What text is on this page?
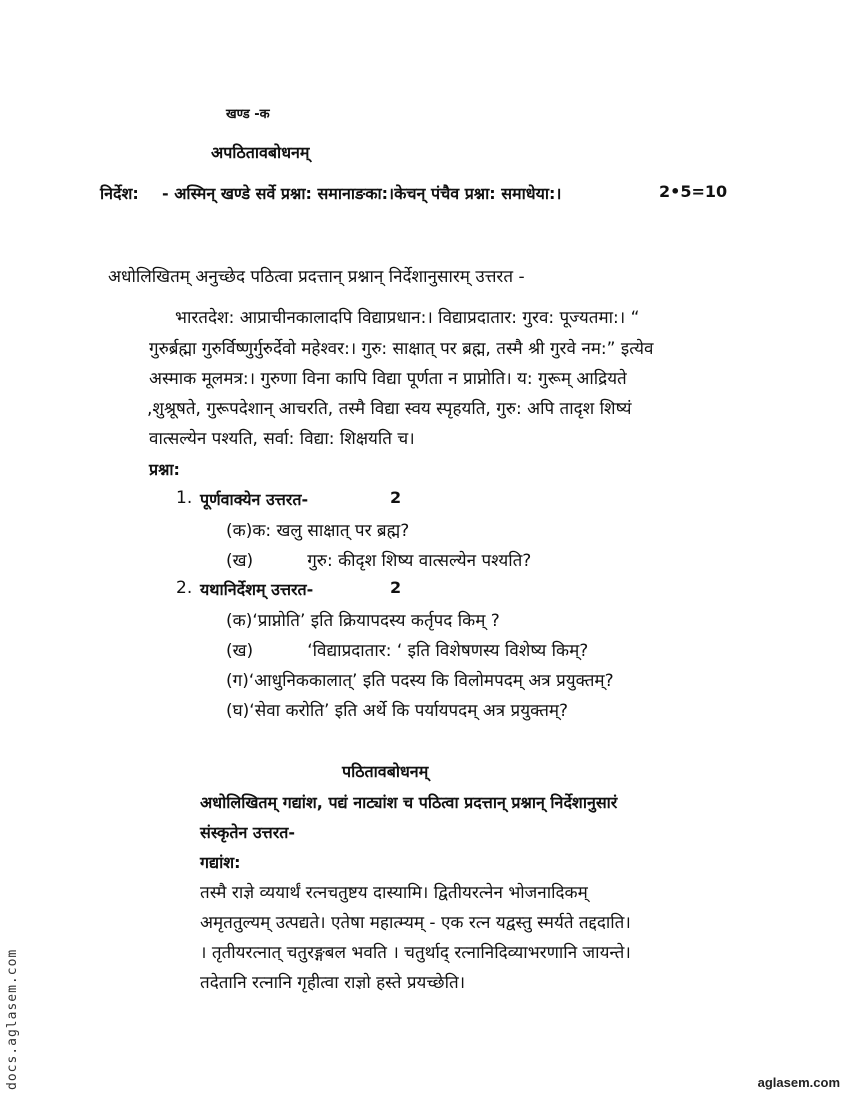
खण्ड -क
अपठितावबोधनम्
निर्देश: - अस्मिन् खण्डे सर्वे प्रश्ना: समानाङका:।केचन् पंचैव प्रश्ना: समाधेया:।	2•5=10
अधोलिखितम् अनुच्छेद पठित्वा प्रदत्तान् प्रश्नान् निर्देशानुसारम् उत्तरत -
भारतदेश: आप्राचीनकालादपि विद्याप्रधान:। विद्याप्रदातार: गुरव: पूज्यतमा:। “
गुरुर्ब्रह्मा गुरुर्विष्णुर्गुरुर्देवो महेश्वर:। गुरु: साक्षात् पर ब्रह्म, तस्मै श्री गुरवे नम:” इत्येव
अस्माक मूलमत्र:। गुरुणा विना कापि विद्या पूर्णता न प्राप्नोति। य: गुरूम् आद्रियते
,शुश्रूषते, गुरूपदेशान् आचरति, तस्मै विद्या स्वय स्पृहयति, गुरु: अपि तादृश शिष्यं
वात्सल्येन पश्यति, सर्वा: विद्या: शिक्षयति च।
प्रश्ना:
1. पूर्णवाक्येन उत्तरत-	2
(क)क: खलु साक्षात् पर ब्रह्म?
(ख)          गुरु: कीदृश शिष्य वात्सल्येन पश्यति?
2. यथानिर्देशम् उत्तरत-	2
(क)‘प्राप्नोति’ इति क्रियापदस्य कर्तृपद किम् ?
(ख)          ‘विद्याप्रदातार: ‘ इति विशेषणस्य विशेष्य किम्?
(ग)‘आधुनिककालात्’ इति पदस्य कि विलोमपदम् अत्र प्रयुक्तम्?
(घ)‘सेवा करोति’ इति अर्थे कि पर्यायपदम् अत्र प्रयुक्तम्?
पठितावबोधनम्
अधोलिखितम् गद्यांश, पद्यं नाट्यांश च पठित्वा प्रदत्तान् प्रश्नान् निर्देशानुसारं
संस्कृतेन उत्तरत-
गद्यांश:
तस्मै राज्ञे व्ययार्थं रत्नचतुष्टय दास्यामि। द्वितीयरत्नेन भोजनादिकम्
अमृततुल्यम् उत्पद्यते। एतेषा महात्म्यम् - एक रत्न यद्वस्तु स्मर्यते तद्ददाति।
। तृतीयरत्नात् चतुरङ्गबल भवति । चतुर्थाद् रत्नानिदिव्याभरणानि जायन्ते।
तदेतानि रत्नानि गृहीत्वा राज्ञो हस्ते प्रयच्छेति।
docs.aglasem.com	aglasem.com
